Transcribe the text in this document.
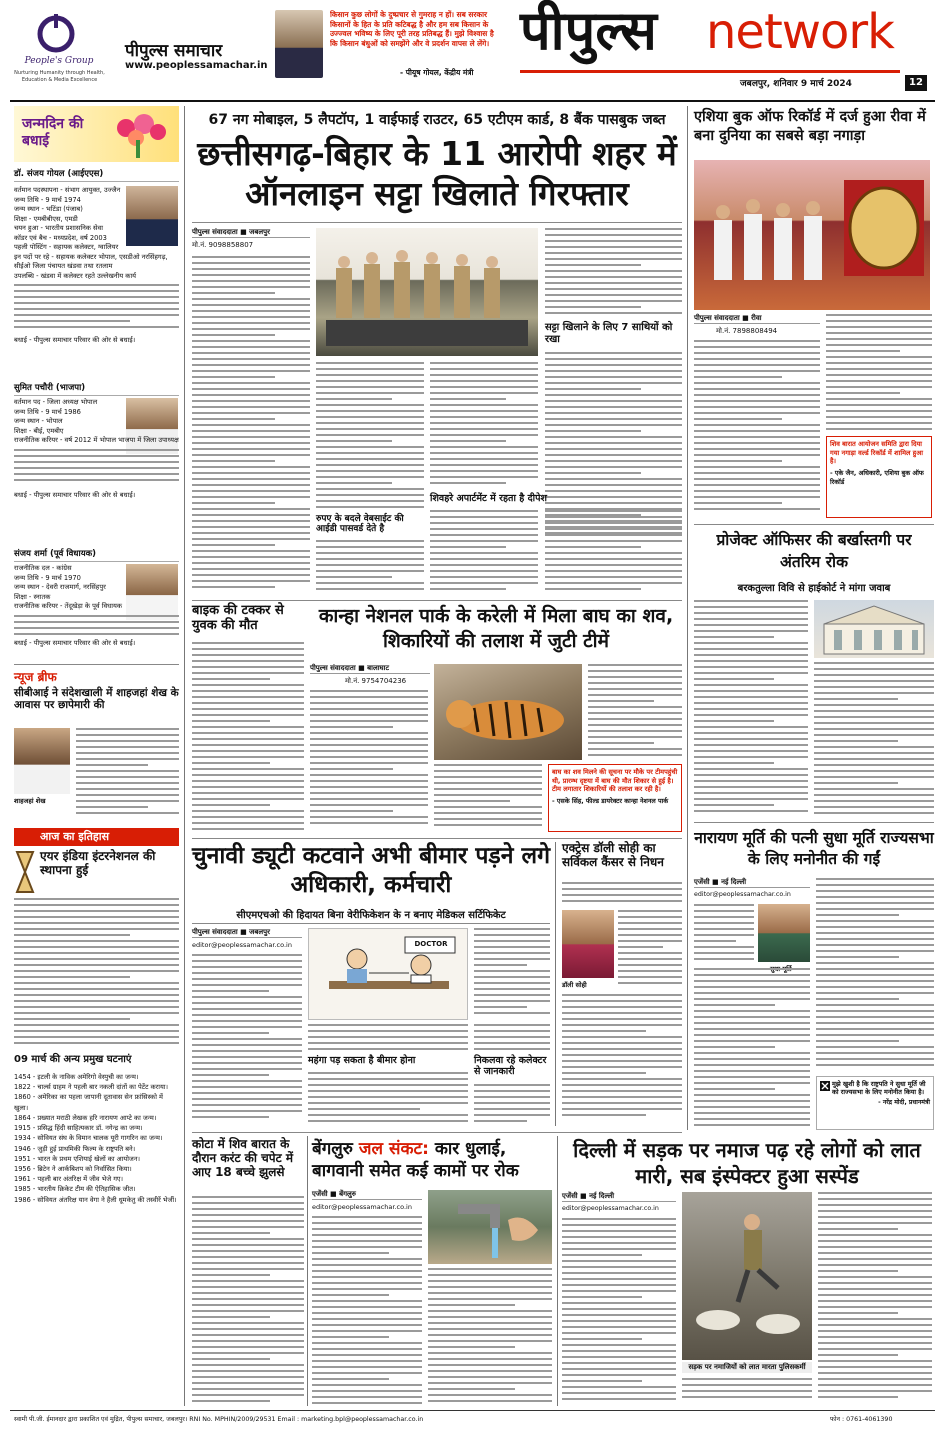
People's Group
Nurturing Humanity through Health, Education & Media Excellence
पीपुल्स समाचार
www.peoplessamachar.in
किसान कुछ लोगों के दुष्प्रचार से गुमराह न हों। सब सरकार किसानों के हित के प्रति कटिबद्ध है और हम सब किसान के उज्ज्वल भविष्य के लिए पूरी तरह प्रतिबद्ध हैं। मुझे विश्वास है कि किसान बंधुओं को समझेंगे और वे प्रदर्शन वापस ले लेंगे।
- पीयूष गोयल, केंद्रीय मंत्री
पीपुल्स network
जबलपुर, शनिवार 9 मार्च 2024	12
जन्मदिन की बधाई
डॉ. संजय गोयल (आईएएस)
वर्तमान पदस्थापना - संभाग आयुक्त, उज्जैन
जन्म तिथि - 9 मार्च 1974
जन्म स्थान - भटिंडा (पंजाब)
शिक्षा - एमबीबीएस, एमडी
चयन हुआ - भारतीय प्रशासनिक सेवा
कॉडर एवं बैच - मध्यप्रदेश, वर्ष 2003
पहली पोस्टिंग - सहायक कलेक्टर, ग्वालियर
इन पदों पर रहे - सहायक कलेक्टर भोपाल, एसडीओ नरसिंहगढ़, सीईओ जिला पंचायत खंडवा तथा रतलाम
उपलब्धि - खंडवा में कलेक्टर रहते उल्लेखनीय कार्य
बधाई - पीपुल्स समाचार परिवार की ओर से बधाई।
सुमित पचौरी (भाजपा)
वर्तमान पद - जिला अध्यक्ष भोपाल
जन्म तिथि - 9 मार्च 1986
जन्म स्थान - भोपाल
शिक्षा - बीई, एमबीए
राजनीतिक करियर - वर्ष 2012 में भोपाल भाजपा में जिला उपाध्यक्ष
बधाई - पीपुल्स समाचार परिवार की ओर से बधाई।
संजय शर्मा (पूर्व विधायक)
राजनीतिक दल - कांग्रेस
जन्म तिथि - 9 मार्च 1970
जन्म स्थान - देवरी राजमार्ग, नरसिंहपुर
शिक्षा - स्नातक
राजनीतिक करियर - तेंदूखेड़ा के पूर्व विधायक
बधाई - पीपुल्स समाचार परिवार की ओर से बधाई।
न्यूज ब्रीफ
सीबीआई ने संदेशखाली में शाहजहां शेख के आवास पर छापेमारी की
शाहजहां शेख
आज का इतिहास
एयर इंडिया इंटरनेशनल की स्थापना हुई
09 मार्च की अन्य प्रमुख घटनाएं
1454 - इटली के नाविक अमेरिगो वेस्पुची का जन्म।
1822 - चार्ल्स ग्राहम ने पहली बार नकली दांतों का पेटेंट कराया।
1860 - अमेरिका का पहला जापानी दूतावास सेन फ्रांसिस्को में खुला।
1864 - प्रख्यात मराठी लेखक हरि नारायण आप्टे का जन्म।
1915 - प्रसिद्ध हिंदी साहित्यकार डॉ. नगेन्द्र का जन्म।
1934 - सोवियत संघ के विमान चालक यूरी गागरिन का जन्म।
1946 - जुड़ी हुई प्राथमिकी फिल्म के राष्ट्रपति बने।
1951 - भारत के प्रथम एशियाई खेलों का आयोजन।
1956 - ब्रिटेन ने आर्कबिशप को निर्वासित किया।
1961 - पहली बार अंतरिक्ष में जीव भेजे गए।
1985 - भारतीय क्रिकेट टीम की ऐतिहासिक जीत।
1986 - सोवियत अंतरिक्ष यान वेगा ने हैली धूमकेतु की तस्वीरें भेजीं।
67 नग मोबाइल, 5 लैपटॉप, 1 वाईफाई राउटर, 65 एटीएम कार्ड, 8 बैंक पासबुक जब्त
छत्तीसगढ़-बिहार के 11 आरोपी शहर में ऑनलाइन सट्टा खिलाते गिरफ्तार
पीपुल्स संवाददाता ■ जबलपुर
मो.नं. 9098858807
सट्टा खिलाने के लिए 7 साथियों को रखा
रुपए के बदले वेबसाईट की आईडी पासवर्ड देते है
शिवहरे अपार्टमेंट में रहता है दीपेश
बाइक की टक्कर से युवक की मौत	कान्हा नेशनल पार्क के करेली में मिला बाघ का शव, शिकारियों की तलाश में जुटी टीमें
पीपुल्स संवाददाता ■ बालाघाट
मो.नं. 9754704236
बाघ का शव मिलने की सूचना पर मौके पर टीमपहुंची थी, प्रारम्भ दृष्टया में बाघ की मौत शिकार से हुई है। टीम लगातार शिकारियों की तलाश कर रही है।
- एसके सिंह, फील्ड डायरेक्टर कान्हा नेशनल पार्क
चुनावी ड्यूटी कटवाने अभी बीमार पड़ने लगे अधिकारी, कर्मचारी
सीएमएचओ की हिदायत बिना वेरीफिकेशन के न बनाए मेडिकल सर्टिफिकेट
पीपुल्स संवाददाता ■ जबलपुर
editor@peoplessamachar.co.in	DOCTOR
महंगा पड़ सकता है बीमार होना	निकलवा रहे कलेक्टर से जानकारी
एक्ट्रेस डॉली सोही का सर्विकल कैंसर से निधन
डॉली सोही
कोटा में शिव बारात के दौरान करंट की चपेट में आए 18 बच्चे झुलसे
बेंगलुरु जल संकट: कार धुलाई, बागवानी समेत कई कामों पर रोक
एजेंसी ■ बेंगलुरु
editor@peoplessamachar.co.in
दिल्ली में सड़क पर नमाज पढ़ रहे लोगों को लात मारी, सब इंस्पेक्टर हुआ सस्पेंड
एजेंसी ■ नई दिल्ली
editor@peoplessamachar.co.in
सड़क पर नमाजियों को लात मारता पुलिसकर्मी
एशिया बुक ऑफ रिकॉर्ड में दर्ज हुआ रीवा में बना दुनिया का सबसे बड़ा नगाड़ा
पीपुल्स संवाददाता ■ रीवा
मो.नं. 7898808494
शिव बारात आयोजन समिति द्वारा दिया गया नगाड़ा वर्ल्ड रिकॉर्ड में शामिल हुआ है।
- एके जैन, अधिकारी, एशिया बुक ऑफ रिकॉर्ड
प्रोजेक्ट ऑफिसर की बर्खास्तगी पर अंतरिम रोक
बरकतुल्ला विवि से हाईकोर्ट ने मांगा जवाब
नारायण मूर्ति की पत्नी सुधा मूर्ति राज्यसभा के लिए मनोनीत की गईं
एजेंसी ■ नई दिल्ली
editor@peoplessamachar.co.in
मुझे खुशी है कि राष्ट्रपति ने सुधा मूर्ति जी को राज्यसभा के लिए मनोनीत किया है।
- नरेंद्र मोदी, प्रधानमंत्री
स्वामी पी.जी. ईमानदार द्वारा प्रकाशित एवं मुद्रित, पीपुल्स समाचार, जबलपुर। RNI No. MPHIN/2009/29531 Email : marketing.bpl@peoplessamachar.co.in	फोन : 0761-4061390
